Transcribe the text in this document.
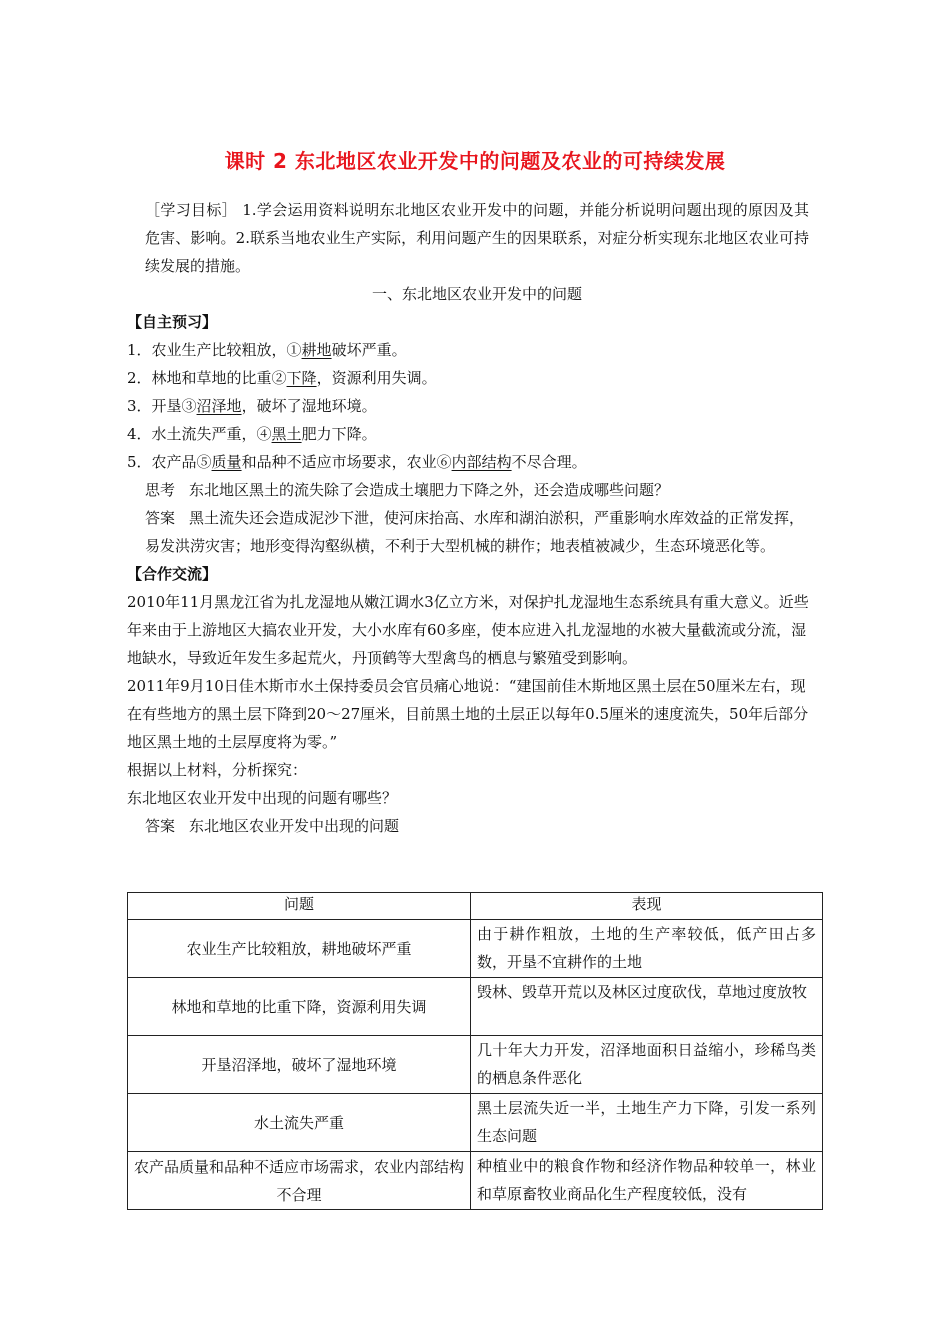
课时 2 东北地区农业开发中的问题及农业的可持续发展

［学习目标］ 1.学会运用资料说明东北地区农业开发中的问题，并能分析说明问题出现的原因及其危害、影响。2.联系当地农业生产实际，利用问题产生的因果联系，对症分析实现东北地区农业可持续发展的措施。

一、东北地区农业开发中的问题

【自主预习】

1．农业生产比较粗放，①耕地破坏严重。

2．林地和草地的比重②下降，资源利用失调。

3．开垦③沼泽地，破坏了湿地环境。

4．水土流失严重，④黑土肥力下降。

5．农产品⑤质量和品种不适应市场要求，农业⑥内部结构不尽合理。

思考 东北地区黑土的流失除了会造成土壤肥力下降之外，还会造成哪些问题？

答案 黑土流失还会造成泥沙下泄，使河床抬高、水库和湖泊淤积，严重影响水库效益的正常发挥，易发洪涝灾害；地形变得沟壑纵横，不利于大型机械的耕作；地表植被减少，生态环境恶化等。

【合作交流】

2010年11月黑龙江省为扎龙湿地从嫩江调水3亿立方米，对保护扎龙湿地生态系统具有重大意义。近些年来由于上游地区大搞农业开发，大小水库有60多座，使本应进入扎龙湿地的水被大量截流或分流，湿地缺水，导致近年发生多起荒火，丹顶鹤等大型禽鸟的栖息与繁殖受到影响。

2011年9月10日佳木斯市水土保持委员会官员痛心地说：“建国前佳木斯地区黑土层在50厘米左右，现在有些地方的黑土层下降到20～27厘米，目前黑土地的土层正以每年0.5厘米的速度流失，50年后部分地区黑土地的土层厚度将为零。”

根据以上材料，分析探究：

东北地区农业开发中出现的问题有哪些？

答案 东北地区农业开发中出现的问题

问题	表现
农业生产比较粗放，耕地破坏严重	由于耕作粗放，土地的生产率较低，低产田占多数，开垦不宜耕作的土地
林地和草地的比重下降，资源利用失调	毁林、毁草开荒以及林区过度砍伐，草地过度放牧
开垦沼泽地，破坏了湿地环境	几十年大力开发，沼泽地面积日益缩小，珍稀鸟类的栖息条件恶化
水土流失严重	黑土层流失近一半，土地生产力下降，引发一系列生态问题
农产品质量和品种不适应市场需求，农业内部结构不合理	种植业中的粮食作物和经济作物品种较单一，林业和草原畜牧业商品化生产程度较低，没有
